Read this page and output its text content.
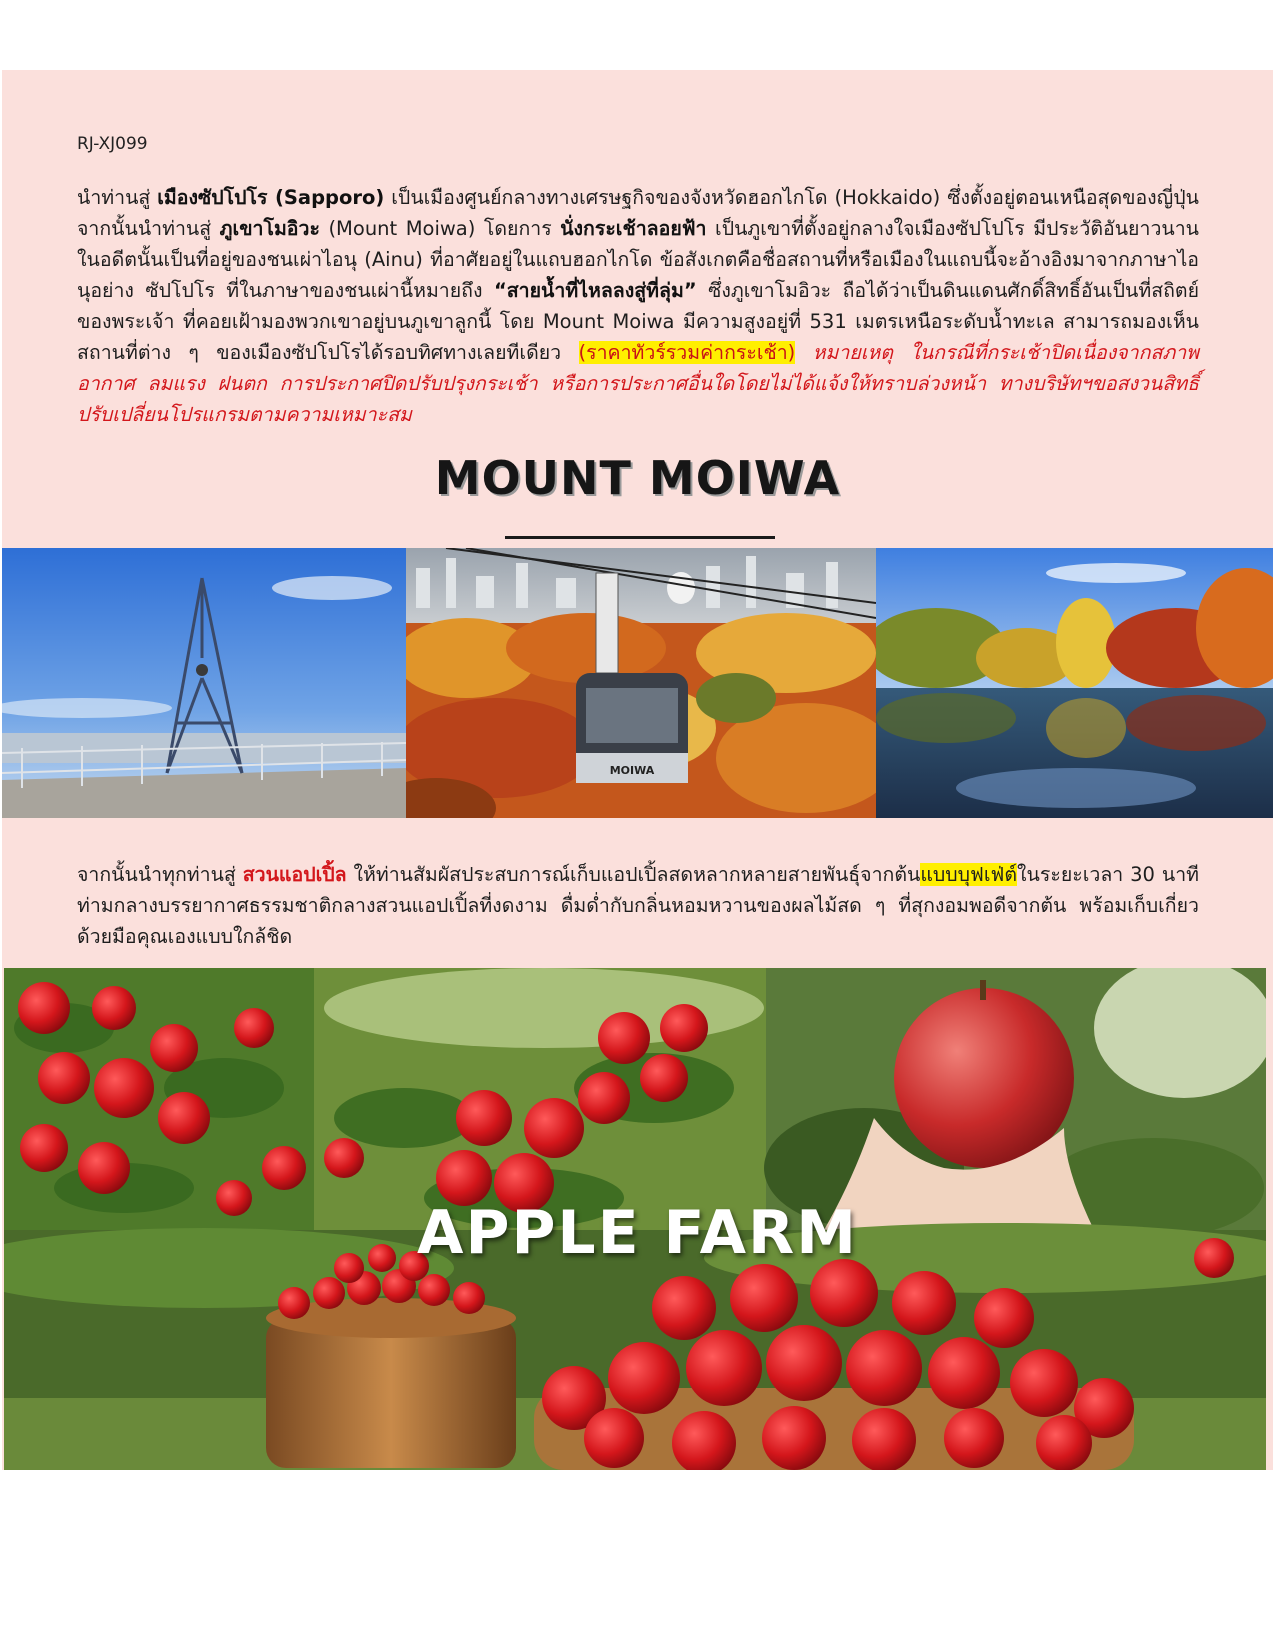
RJ-XJ099
นำท่านสู่ เมืองซัปโปโร (Sapporo) เป็นเมืองศูนย์กลางทางเศรษฐกิจของจังหวัดฮอกไกโด (Hokkaido) ซึ่งตั้งอยู่ตอนเหนือสุดของญี่ปุ่น จากนั้นนำท่านสู่ ภูเขาโมอิวะ (Mount Moiwa) โดยการ นั่งกระเช้าลอยฟ้า เป็นภูเขาที่ตั้งอยู่กลางใจเมืองซัปโปโร มีประวัติอันยาวนาน ในอดีตนั้นเป็นที่อยู่ของชนเผ่าไอนุ (Ainu) ที่อาศัยอยู่ในแถบฮอกไกโด ข้อสังเกตคือชื่อสถานที่หรือเมืองในแถบนี้จะอ้างอิงมาจากภาษาไอนุอย่าง ซัปโปโร ที่ในภาษาของชนเผ่านี้หมายถึง “สายน้ำที่ไหลลงสู่ที่ลุ่ม” ซึ่งภูเขาโมอิวะ ถือได้ว่าเป็นดินแดนศักดิ์สิทธิ์อันเป็นที่สถิตย์ของพระเจ้า ที่คอยเฝ้ามองพวกเขาอยู่บนภูเขาลูกนี้ โดย Mount Moiwa มีความสูงอยู่ที่ 531 เมตรเหนือระดับน้ำทะเล สามารถมองเห็นสถานที่ต่าง ๆ ของเมืองซัปโปโรได้รอบทิศทางเลยทีเดียว (ราคาทัวร์รวมค่ากระเช้า) หมายเหตุ ในกรณีที่กระเช้าปิดเนื่องจากสภาพอากาศ ลมแรง ฝนตก การประกาศปิดปรับปรุงกระเช้า หรือการประกาศอื่นใดโดยไม่ได้แจ้งให้ทราบล่วงหน้า ทางบริษัทฯขอสงวนสิทธิ์ปรับเปลี่ยนโปรแกรมตามความเหมาะสม
MOUNT MOIWA
MOIWA
จากนั้นนำทุกท่านสู่ สวนแอปเปิ้ล ให้ท่านสัมผัสประสบการณ์เก็บแอปเปิ้ลสดหลากหลายสายพันธุ์จากต้นแบบบุฟเฟ่ต์ในระยะเวลา 30 นาที ท่ามกลางบรรยากาศธรรมชาติกลางสวนแอปเปิ้ลที่งดงาม ดื่มด่ำกับกลิ่นหอมหวานของผลไม้สด ๆ ที่สุกงอมพอดีจากต้น พร้อมเก็บเกี่ยวด้วยมือคุณเองแบบใกล้ชิด
APPLE FARM
